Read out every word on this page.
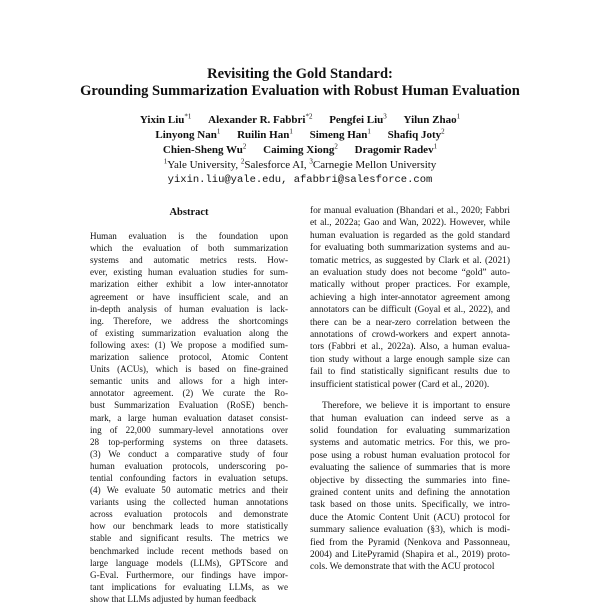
Revisiting the Gold Standard:
Grounding Summarization Evaluation with Robust Human Evaluation
Yixin Liu$^{*1}$ Alexander R. Fabbri$^{*2}$ Pengfei Liu$^3$ Yilun Zhao$^1$
Linyong Nan$^1$ Ruilin Han$^1$ Simeng Han$^1$ Shafiq Joty$^2$
Chien-Sheng Wu$^2$ Caiming Xiong$^2$ Dragomir Radev$^1$
$^1$Yale University, $^2$Salesforce AI, $^3$Carnegie Mellon University
yixin.liu@yale.edu, afabbri@salesforce.com
Abstract
Human evaluation is the foundation upon
which the evaluation of both summarization
systems and automatic metrics rests. How-
ever, existing human evaluation studies for sum-
marization either exhibit a low inter-annotator
agreement or have insufficient scale, and an
in-depth analysis of human evaluation is lack-
ing. Therefore, we address the shortcomings
of existing summarization evaluation along the
following axes: (1) We propose a modified sum-
marization salience protocol, Atomic Content
Units (ACUs), which is based on fine-grained
semantic units and allows for a high inter-
annotator agreement. (2) We curate the Ro-
bust Summarization Evaluation (RoSE) bench-
mark, a large human evaluation dataset consist-
ing of 22,000 summary-level annotations over
28 top-performing systems on three datasets.
(3) We conduct a comparative study of four
human evaluation protocols, underscoring po-
tential confounding factors in evaluation setups.
(4) We evaluate 50 automatic metrics and their
variants using the collected human annotations
across evaluation protocols and demonstrate
how our benchmark leads to more statistically
stable and significant results. The metrics we
benchmarked include recent methods based on
large language models (LLMs), GPTScore and
G-Eval. Furthermore, our findings have impor-
tant implications for evaluating LLMs, as we
show that LLMs adjusted by human feedback
for manual evaluation (Bhandari et al., 2020; Fabbri
et al., 2022a; Gao and Wan, 2022). However, while
human evaluation is regarded as the gold standard
for evaluating both summarization systems and au-
tomatic metrics, as suggested by Clark et al. (2021)
an evaluation study does not become “gold” auto-
matically without proper practices. For example,
achieving a high inter-annotator agreement among
annotators can be difficult (Goyal et al., 2022), and
there can be a near-zero correlation between the
annotations of crowd-workers and expert annota-
tors (Fabbri et al., 2022a). Also, a human evalua-
tion study without a large enough sample size can
fail to find statistically significant results due to
insufficient statistical power (Card et al., 2020).
Therefore, we believe it is important to ensure
that human evaluation can indeed serve as a
solid foundation for evaluating summarization
systems and automatic metrics. For this, we pro-
pose using a robust human evaluation protocol for
evaluating the salience of summaries that is more
objective by dissecting the summaries into fine-
grained content units and defining the annotation
task based on those units. Specifically, we intro-
duce the Atomic Content Unit (ACU) protocol for
summary salience evaluation (§3), which is modi-
fied from the Pyramid (Nenkova and Passonneau,
2004) and LitePyramid (Shapira et al., 2019) proto-
cols. We demonstrate that with the ACU protocol
